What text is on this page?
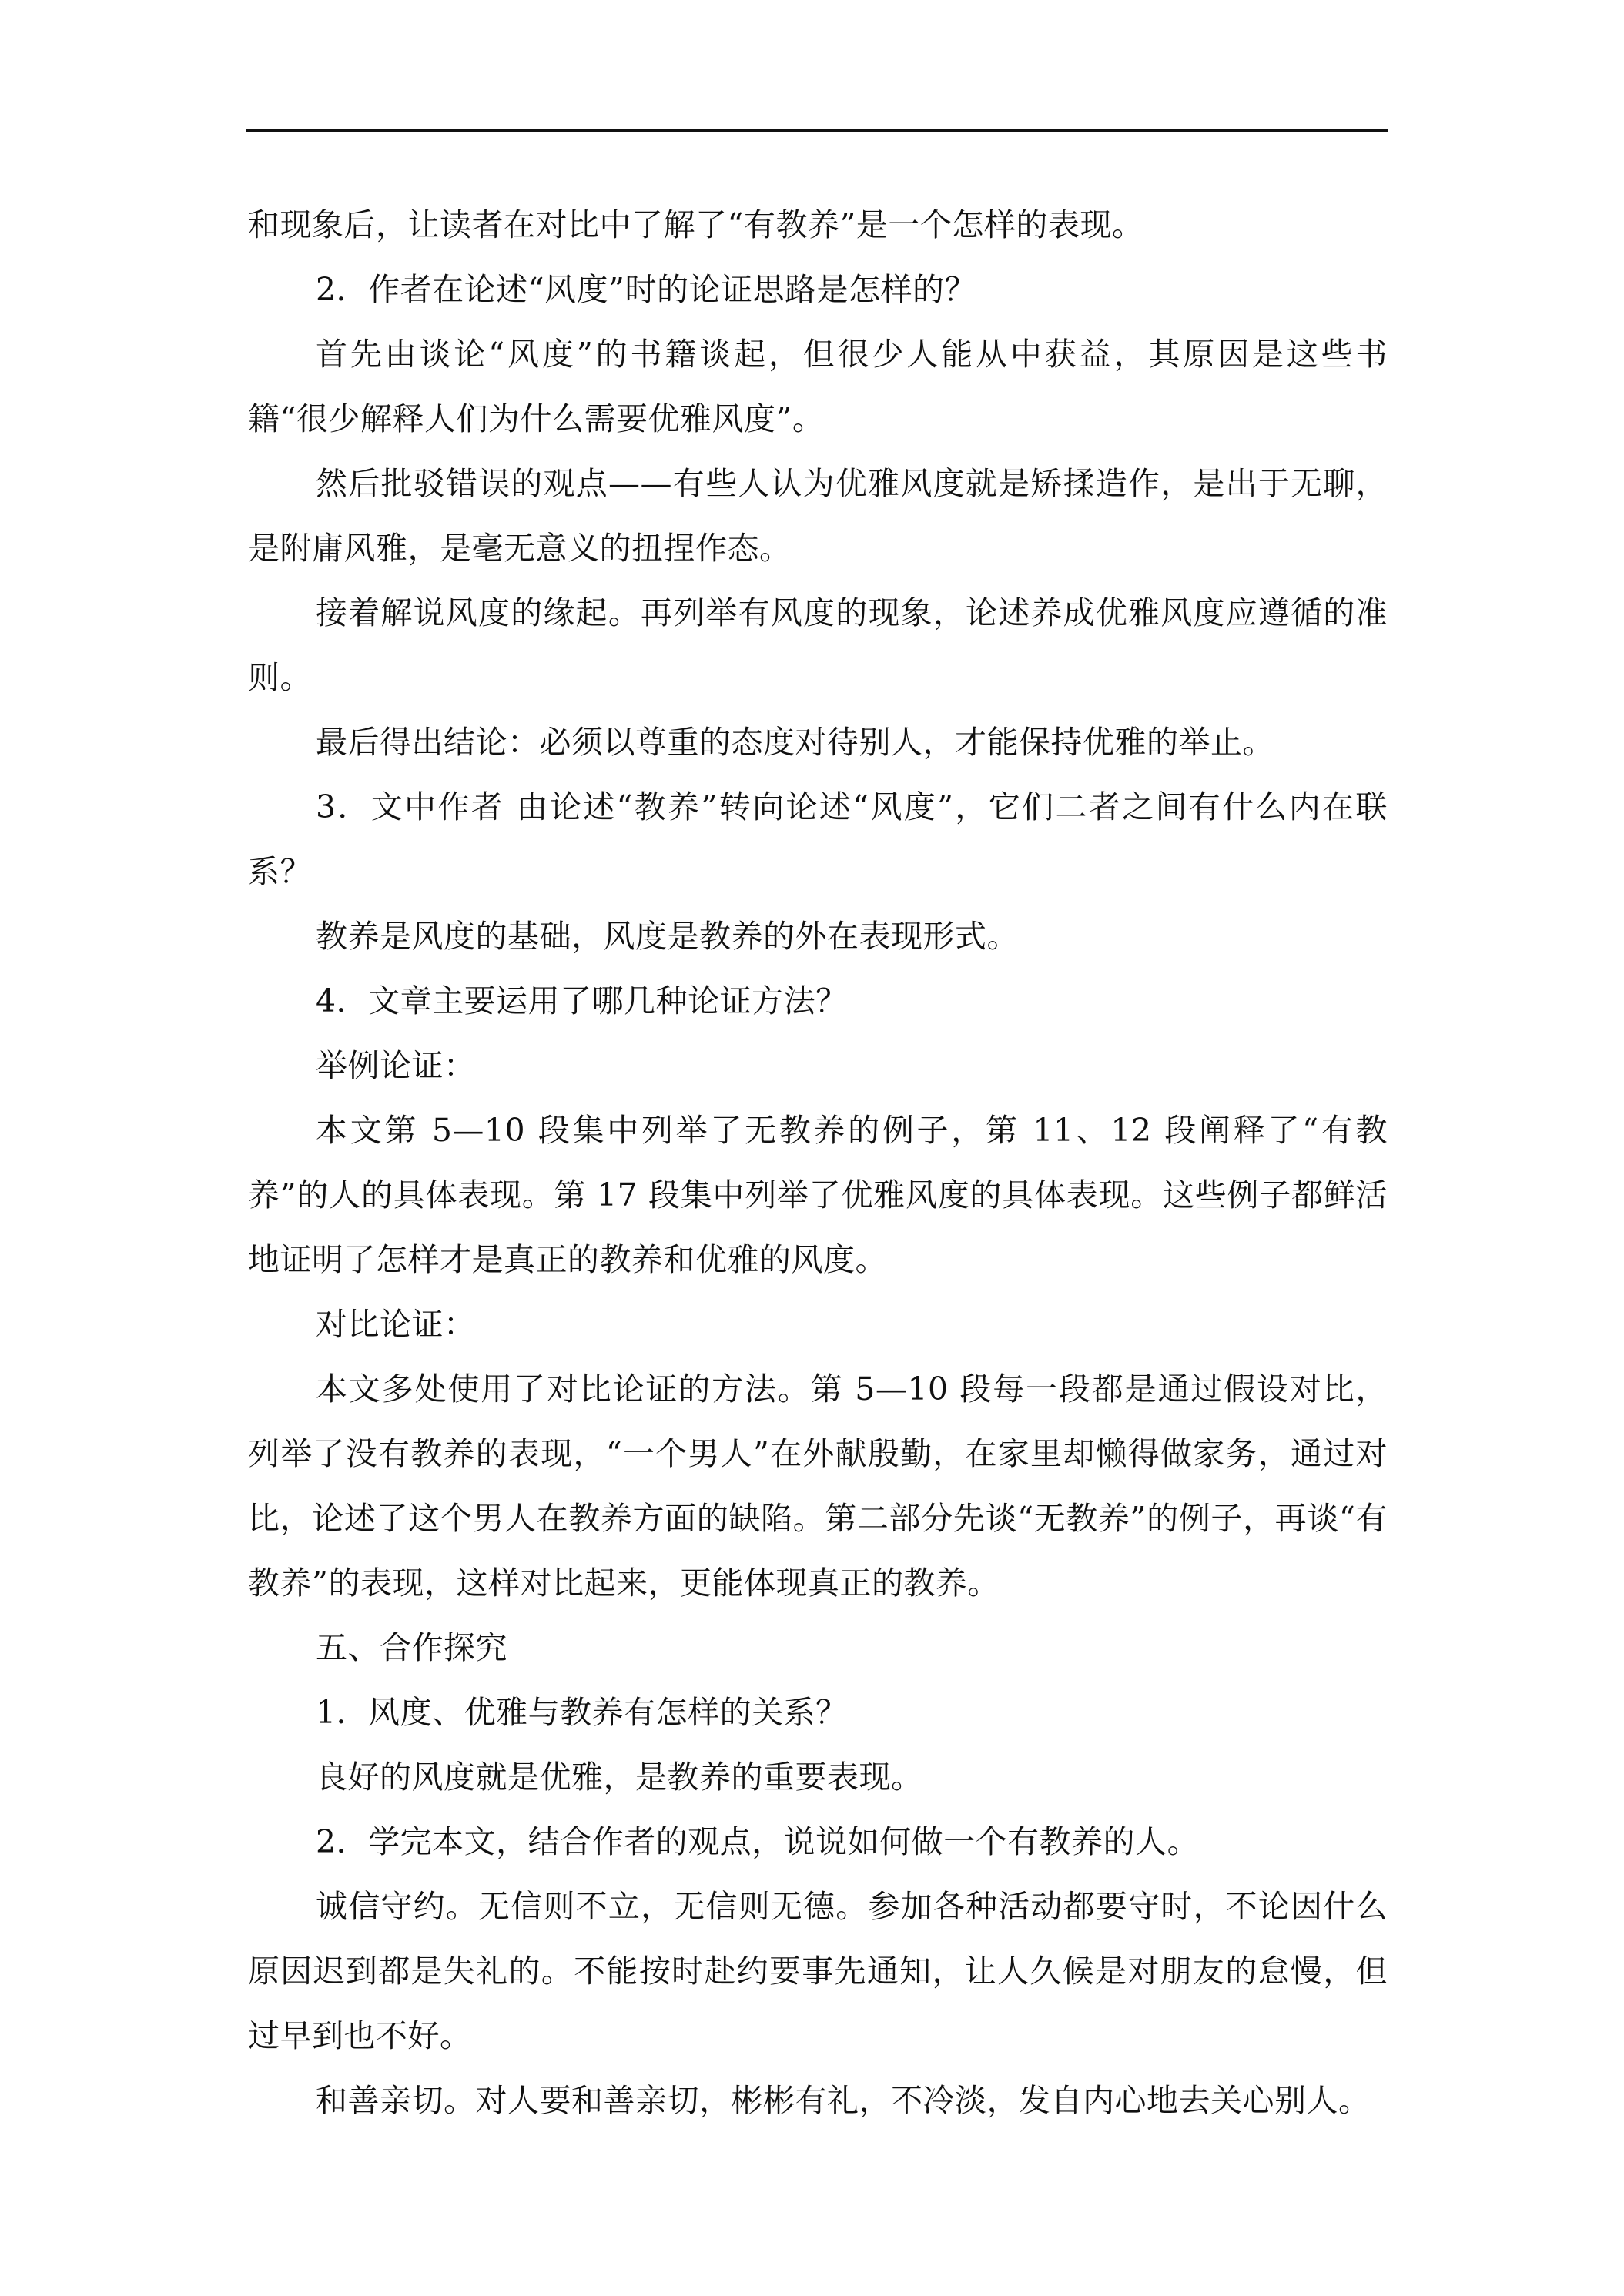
和现象后，让读者在对比中了解了“有教养”是一个怎样的表现。

2．作者在论述“风度”时的论证思路是怎样的？

首先由谈论“风度”的书籍谈起，但很少人能从中获益，其原因是这些书籍“很少解释人们为什么需要优雅风度”。

然后批驳错误的观点——有些人认为优雅风度就是矫揉造作，是出于无聊，是附庸风雅，是毫无意义的扭捏作态。

接着解说风度的缘起。再列举有风度的现象，论述养成优雅风度应遵循的准则。

最后得出结论：必须以尊重的态度对待别人，才能保持优雅的举止。

3．文中作者 由论述“教养”转向论述“风度”，它们二者之间有什么内在联系？

教养是风度的基础，风度是教养的外在表现形式。

4．文章主要运用了哪几种论证方法？

举例论证：

本文第 5—10 段集中列举了无教养的例子，第 11、12 段阐释了“有教养”的人的具体表现。第 17 段集中列举了优雅风度的具体表现。这些例子都鲜活地证明了怎样才是真正的教养和优雅的风度。

对比论证：

本文多处使用了对比论证的方法。第 5—10 段每一段都是通过假设对比，列举了没有教养的表现，“一个男人”在外献殷勤，在家里却懒得做家务，通过对比，论述了这个男人在教养方面的缺陷。第二部分先谈“无教养”的例子，再谈“有教养”的表现，这样对比起来，更能体现真正的教养。

五、合作探究

1．风度、优雅与教养有怎样的关系？

良好的风度就是优雅，是教养的重要表现。

2．学完本文，结合作者的观点，说说如何做一个有教养的人。

诚信守约。无信则不立，无信则无德。参加各种活动都要守时，不论因什么原因迟到都是失礼的。不能按时赴约要事先通知，让人久候是对朋友的怠慢，但过早到也不好。

和善亲切。对人要和善亲切，彬彬有礼，不冷淡，发自内心地去关心别人。
